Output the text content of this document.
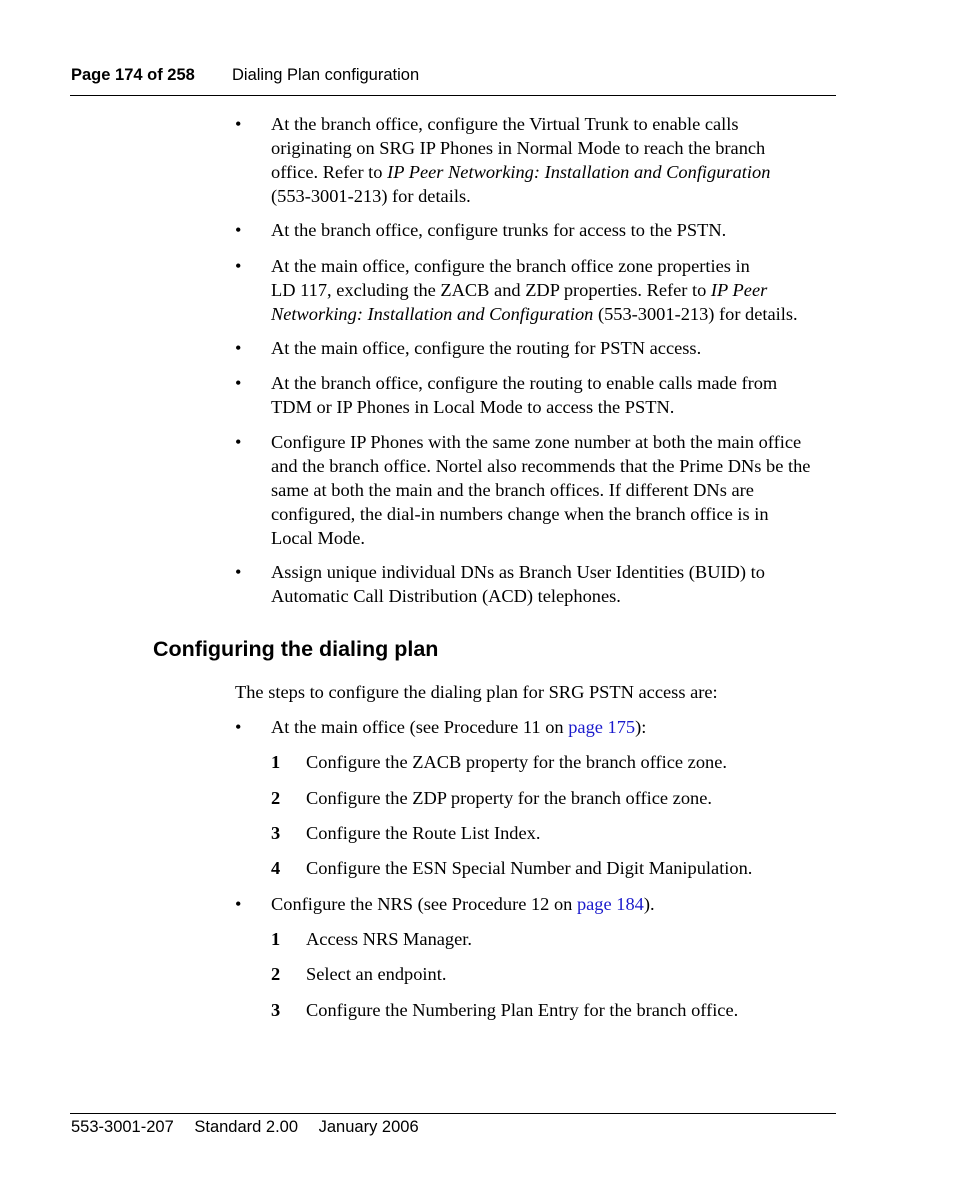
Page 174 of 258 Dialing Plan configuration
• At the branch office, configure the Virtual Trunk to enable calls
originating on SRG IP Phones in Normal Mode to reach the branch
office. Refer to IP Peer Networking: Installation and Configuration
(553-3001-213) for details.
• At the branch office, configure trunks for access to the PSTN.
• At the main office, configure the branch office zone properties in
LD 117, excluding the ZACB and ZDP properties. Refer to IP Peer
Networking: Installation and Configuration (553-3001-213) for details.
• At the main office, configure the routing for PSTN access.
• At the branch office, configure the routing to enable calls made from
TDM or IP Phones in Local Mode to access the PSTN.
• Configure IP Phones with the same zone number at both the main office
and the branch office. Nortel also recommends that the Prime DNs be the
same at both the main and the branch offices. If different DNs are
configured, the dial-in numbers change when the branch office is in
Local Mode.
• Assign unique individual DNs as Branch User Identities (BUID) to
Automatic Call Distribution (ACD) telephones.
Configuring the dialing plan
The steps to configure the dialing plan for SRG PSTN access are:
• At the main office (see Procedure 11 on page 175):
1 Configure the ZACB property for the branch office zone.
2 Configure the ZDP property for the branch office zone.
3 Configure the Route List Index.
4 Configure the ESN Special Number and Digit Manipulation.
• Configure the NRS (see Procedure 12 on page 184).
1 Access NRS Manager.
2 Select an endpoint.
3 Configure the Numbering Plan Entry for the branch office.
553-3001-207 Standard 2.00 January 2006
